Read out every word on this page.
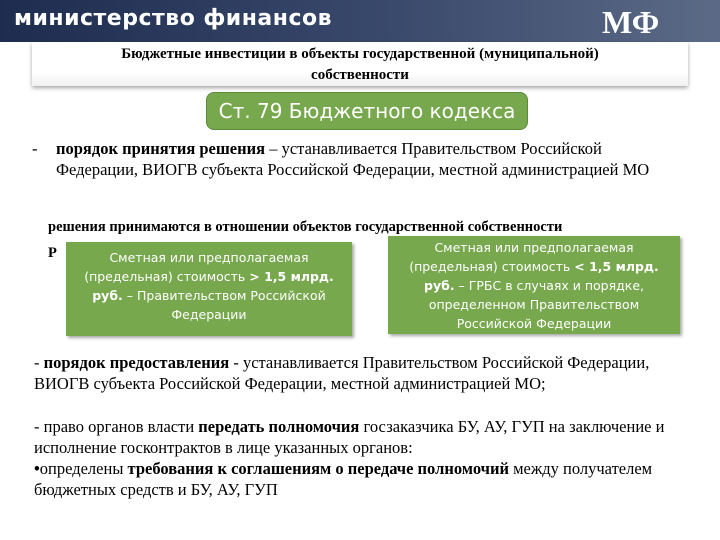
министерство финансов	МФ
Бюджетные инвестиции в объекты государственной (муниципальной)
собственности
Ст. 79 Бюджетного кодекса
- порядок принятия решения – устанавливается Правительством Российской Федерации, ВИОГВ субъекта Российской Федерации, местной администрацией МО
решения принимаются в отношении объектов государственной собственности
Р	Сметная или предполагаемая
(предельная) стоимость > 1,5 млрд.
руб. – Правительством Российской
Федерации
Сметная или предполагаемая
(предельная) стоимость < 1,5 млрд.
руб. – ГРБС в случаях и порядке,
определенном Правительством
Российской Федерации
- порядок предоставления - устанавливается Правительством Российской Федерации, ВИОГВ субъекта Российской Федерации, местной администрацией МО;
- право органов власти передать полномочия госзаказчика БУ, АУ, ГУП на заключение и исполнение госконтрактов в лице указанных органов:
•определены требования к соглашениям о передаче полномочий между получателем бюджетных средств и БУ, АУ, ГУП
